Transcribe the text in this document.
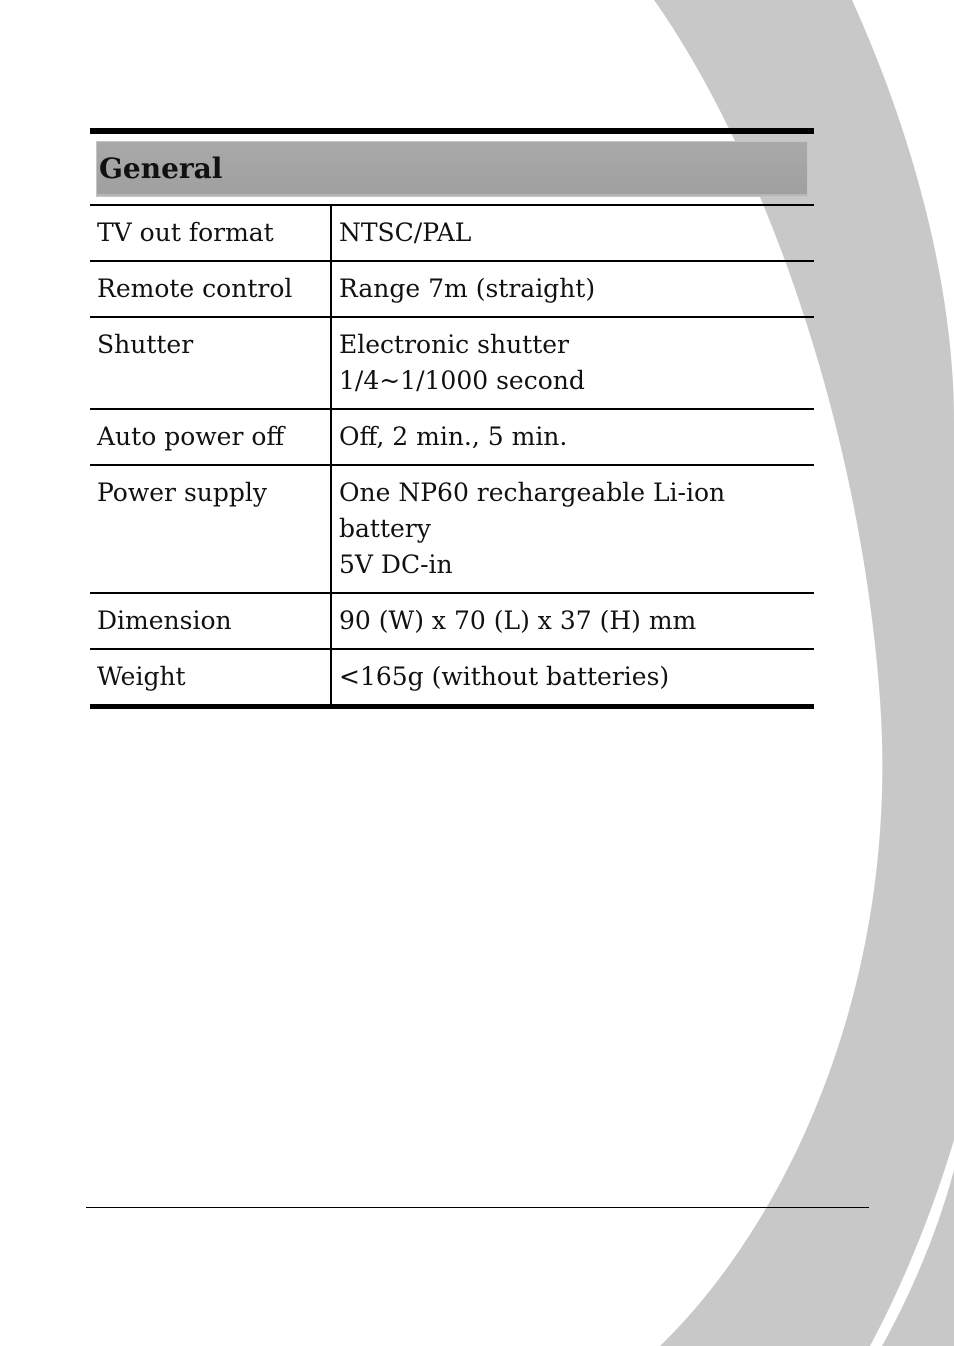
General	

TV out format	NTSC/PAL

Remote control	Range 7m (straight)

Shutter	Electronic shutter
1/4~1/1000 second

Auto power off	Off, 2 min., 5 min.

Power supply	One NP60 rechargeable Li-ion battery
5V DC-in

Dimension	90 (W) x 70 (L) x 37 (H) mm

Weight	<165g (without batteries)
